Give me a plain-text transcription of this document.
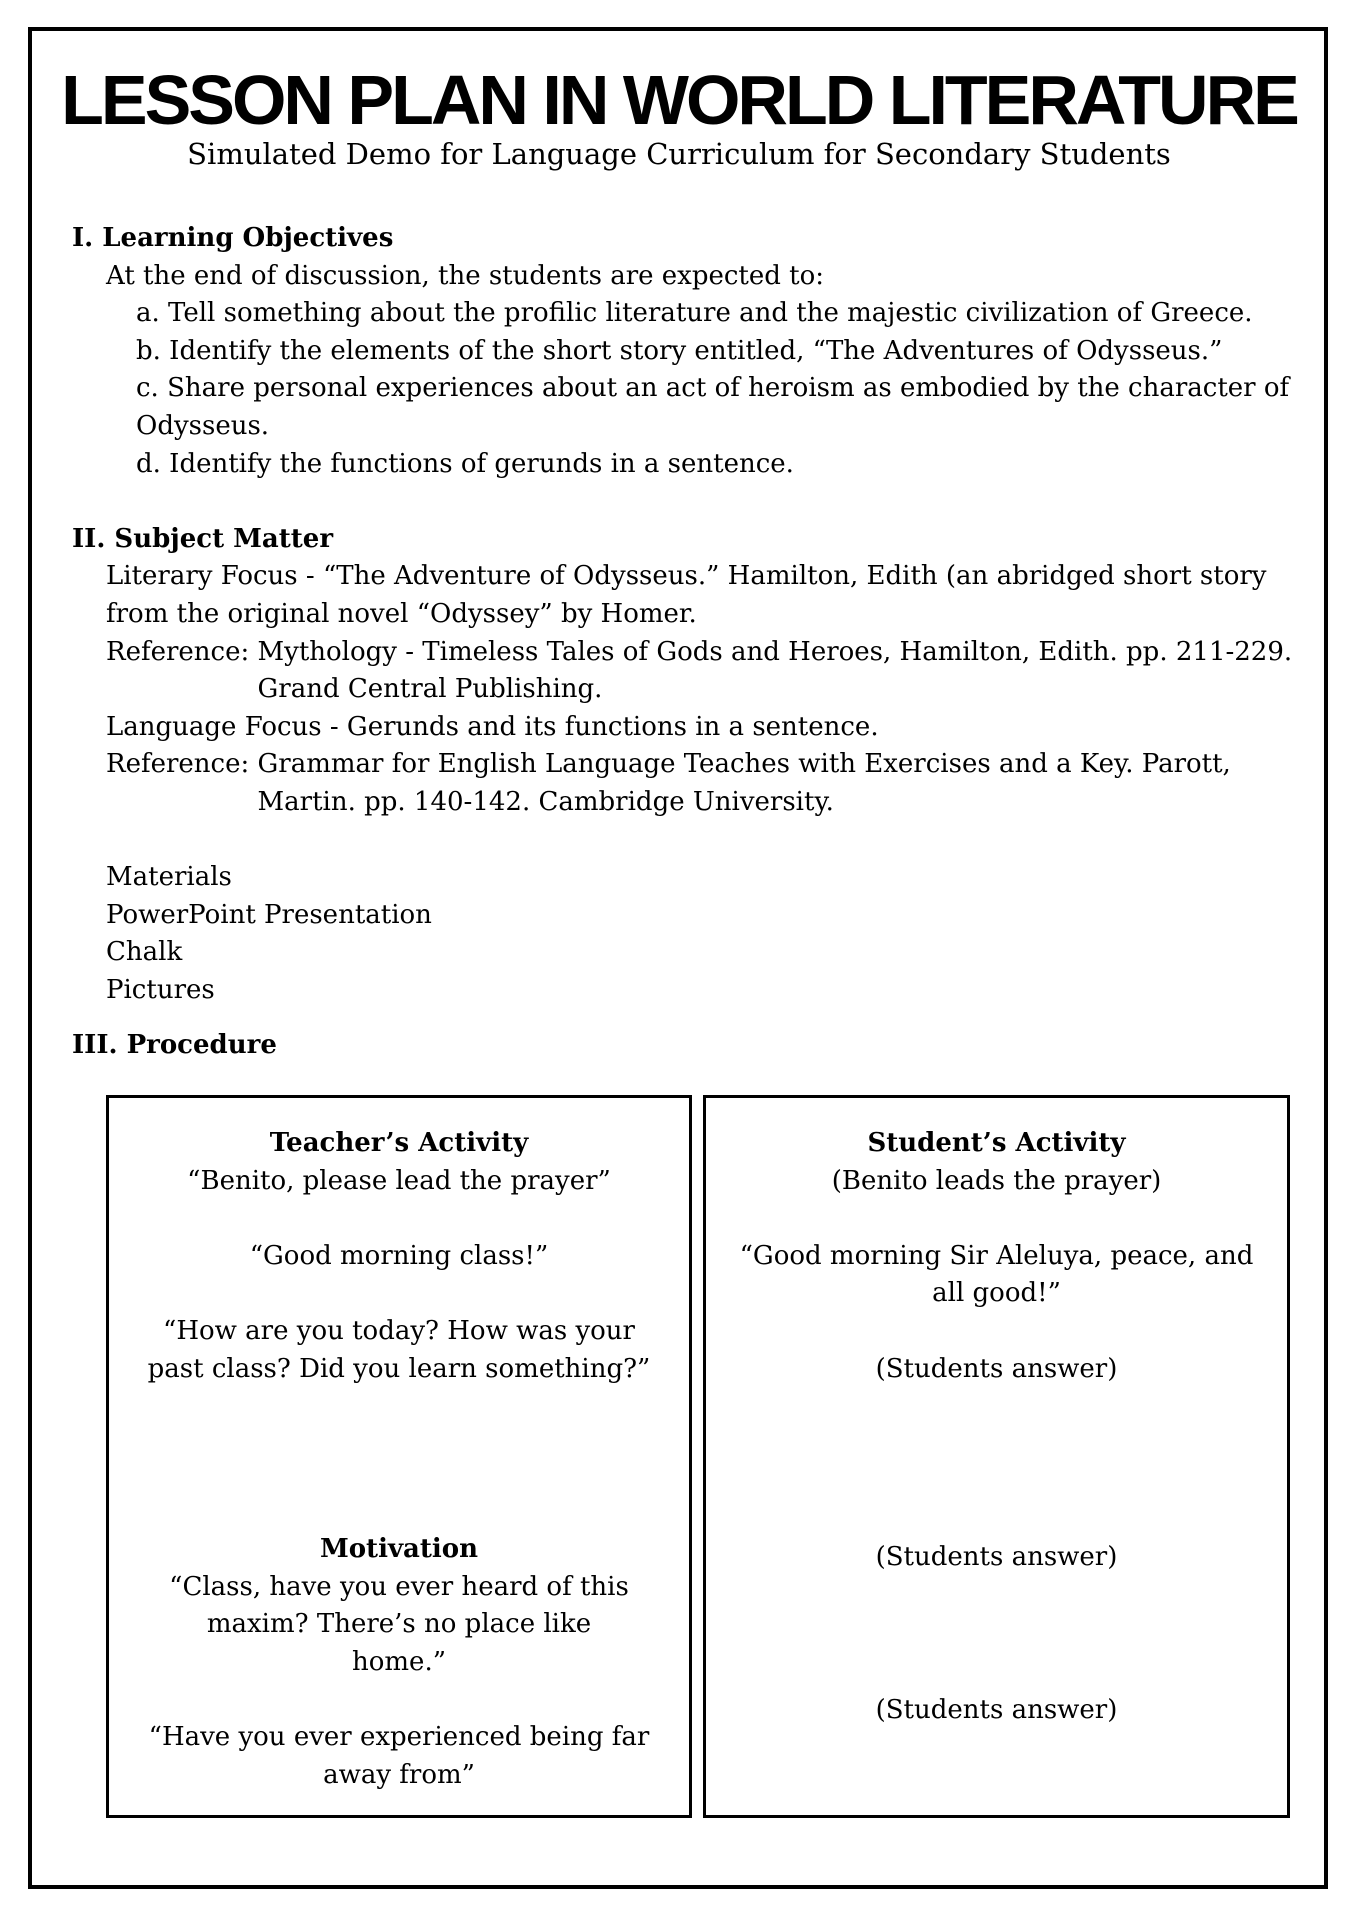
LESSON PLAN IN WORLD LITERATURE

Simulated Demo for Language Curriculum for Secondary Students

I. Learning Objectives

At the end of discussion, the students are expected to:

a. Tell something about the profilic literature and the majestic civilization of Greece.

b. Identify the elements of the short story entitled, “The Adventures of Odysseus.”

c. Share personal experiences about an act of heroism as embodied by the character of Odysseus.

d. Identify the functions of gerunds in a sentence.

II. Subject Matter

Literary Focus - “The Adventure of Odysseus.” Hamilton, Edith (an abridged short story from the original novel “Odyssey” by Homer.

Reference: Mythology - Timeless Tales of Gods and Heroes, Hamilton, Edith. pp. 211-229. Grand Central Publishing.

Language Focus - Gerunds and its functions in a sentence.

Reference: Grammar for English Language Teaches with Exercises and a Key. Parott, Martin. pp. 140-142. Cambridge University.

Materials

PowerPoint Presentation

Chalk

Pictures

III. Procedure

Teacher’s Activity

“Benito, please lead the prayer”

“Good morning class!”

“How are you today? How was your past class? Did you learn something?”

Motivation

“Class, have you ever heard of this maxim? There’s no place like home.”

“Have you ever experienced being far away from”

Student’s Activity

(Benito leads the prayer)

“Good morning Sir Aleluya, peace, and all good!”

(Students answer)

(Students answer)

(Students answer)
